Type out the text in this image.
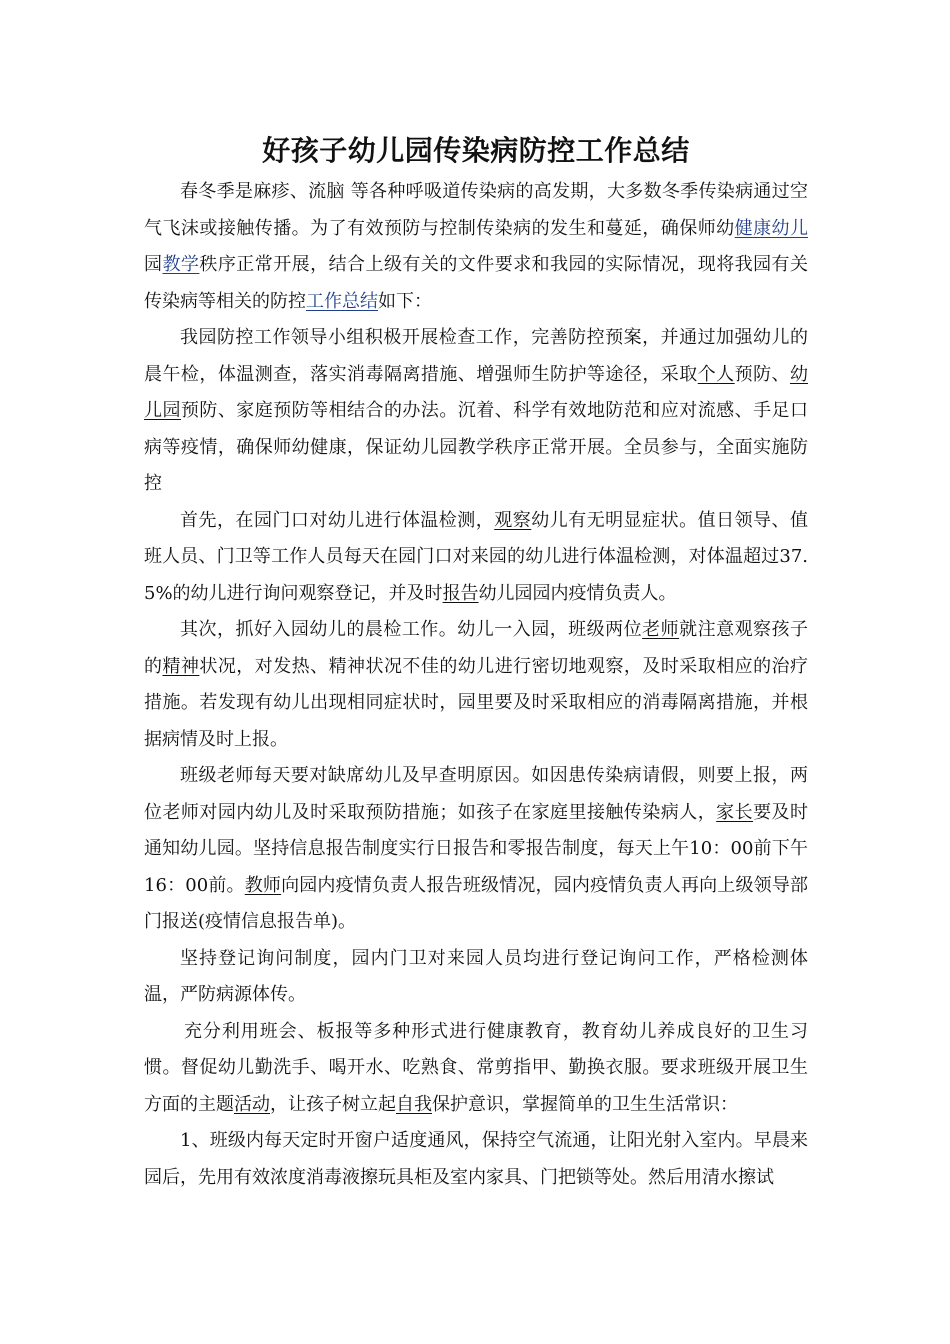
好孩子幼儿园传染病防控工作总结

春冬季是麻疹、流脑 等各种呼吸道传染病的高发期，大多数冬季传染病通过空气飞沫或接触传播。为了有效预防与控制传染病的发生和蔓延，确保师幼健康幼儿园教学秩序正常开展，结合上级有关的文件要求和我园的实际情况，现将我园有关传染病等相关的防控工作总结如下：

我园防控工作领导小组积极开展检查工作，完善防控预案，并通过加强幼儿的晨午检，体温测查，落实消毒隔离措施、增强师生防护等途径，采取个人预防、幼儿园预防、家庭预防等相结合的办法。沉着、科学有效地防范和应对流感、手足口病等疫情，确保师幼健康，保证幼儿园教学秩序正常开展。全员参与，全面实施防控

首先，在园门口对幼儿进行体温检测，观察幼儿有无明显症状。值日领导、值班人员、门卫等工作人员每天在园门口对来园的幼儿进行体温检测，对体温超过37.5%的幼儿进行询问观察登记，并及时报告幼儿园园内疫情负责人。

其次，抓好入园幼儿的晨检工作。幼儿一入园，班级两位老师就注意观察孩子的精神状况，对发热、精神状况不佳的幼儿进行密切地观察，及时采取相应的治疗措施。若发现有幼儿出现相同症状时，园里要及时采取相应的消毒隔离措施，并根据病情及时上报。

班级老师每天要对缺席幼儿及早查明原因。如因患传染病请假，则要上报，两位老师对园内幼儿及时采取预防措施；如孩子在家庭里接触传染病人，家长要及时通知幼儿园。坚持信息报告制度实行日报告和零报告制度，每天上午10：00前下午16：00前。教师向园内疫情负责人报告班级情况，园内疫情负责人再向上级领导部门报送(疫情信息报告单)。

坚持登记询问制度，园内门卫对来园人员均进行登记询问工作，严格检测体温，严防病源体传。

充分利用班会、板报等多种形式进行健康教育，教育幼儿养成良好的卫生习惯。督促幼儿勤洗手、喝开水、吃熟食、常剪指甲、勤换衣服。要求班级开展卫生方面的主题活动，让孩子树立起自我保护意识，掌握简单的卫生生活常识：

1、班级内每天定时开窗户适度通风，保持空气流通，让阳光射入室内。早晨来园后，先用有效浓度消毒液擦玩具柜及室内家具、门把锁等处。然后用清水擦试
